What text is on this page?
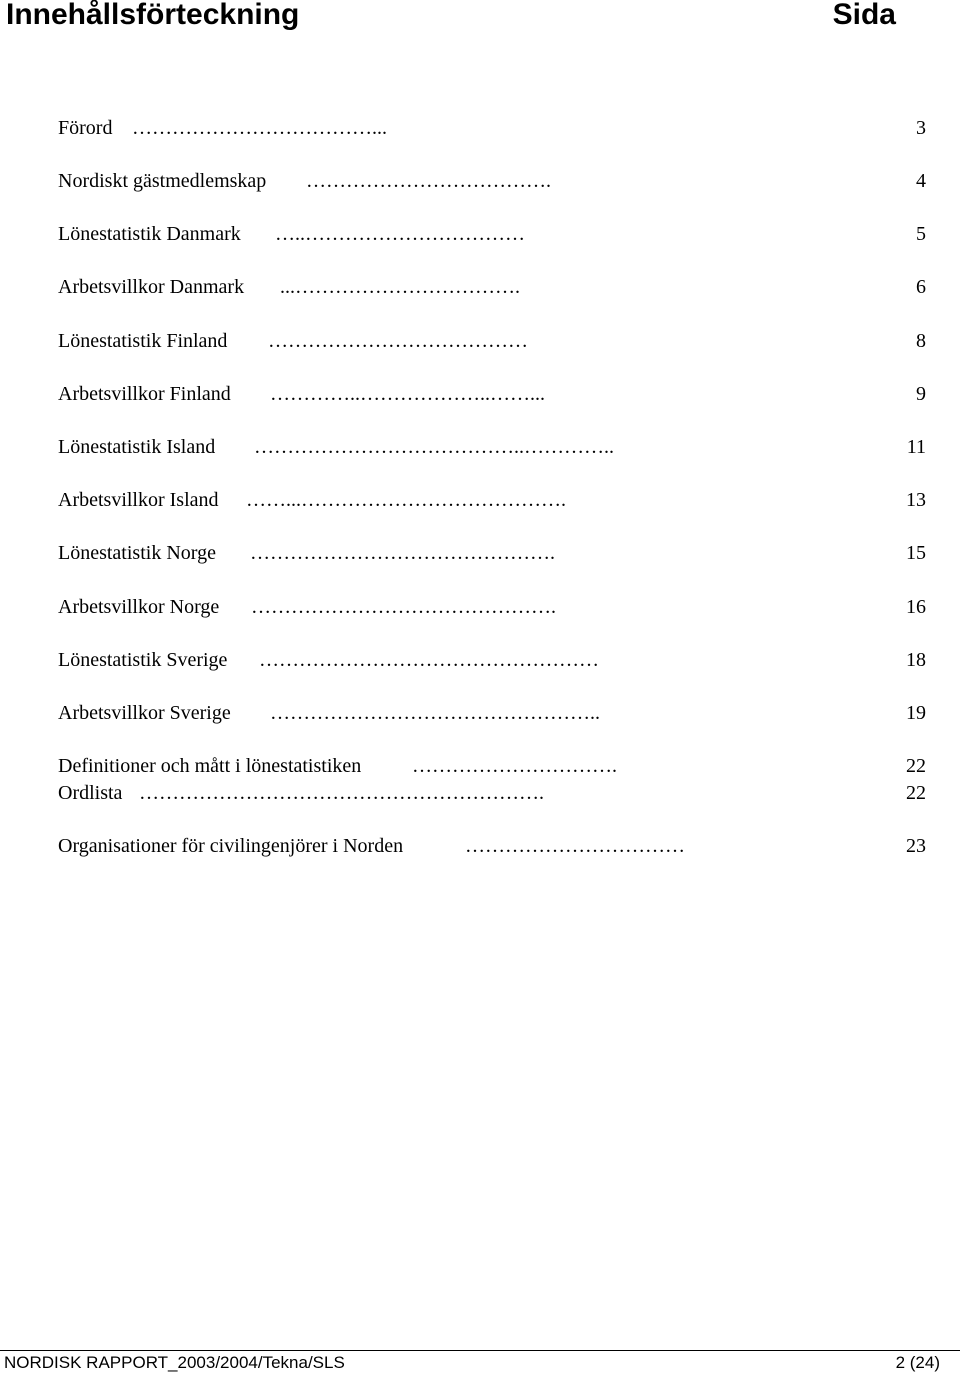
Innehållsförteckning	Sida
Förord ………………………………...	3
Nordiskt gästmedlemskap ……………………………….	4
Lönestatistik Danmark …..……………………………	5
Arbetsvillkor Danmark ...…………………………….	6
Lönestatistik Finland …………………………………	8
Arbetsvillkor Finland …………..………………..……...	9
Lönestatistik Island …………………………………..…………..	11
Arbetsvillkor Island ……...………………………………….	13
Lönestatistik Norge ……………………………………….	15
Arbetsvillkor Norge ……………………………………….	16
Lönestatistik Sverige ……………………………………………	18
Arbetsvillkor Sverige …………………………………………..	19
Definitioner och mått i lönestatistiken	………………………….	22
Ordlista …………………………………………………….	22
Organisationer för civilingenjörer i Norden	……………………………	23
NORDISK RAPPORT_2003/2004/Tekna/SLS	2 (24)
